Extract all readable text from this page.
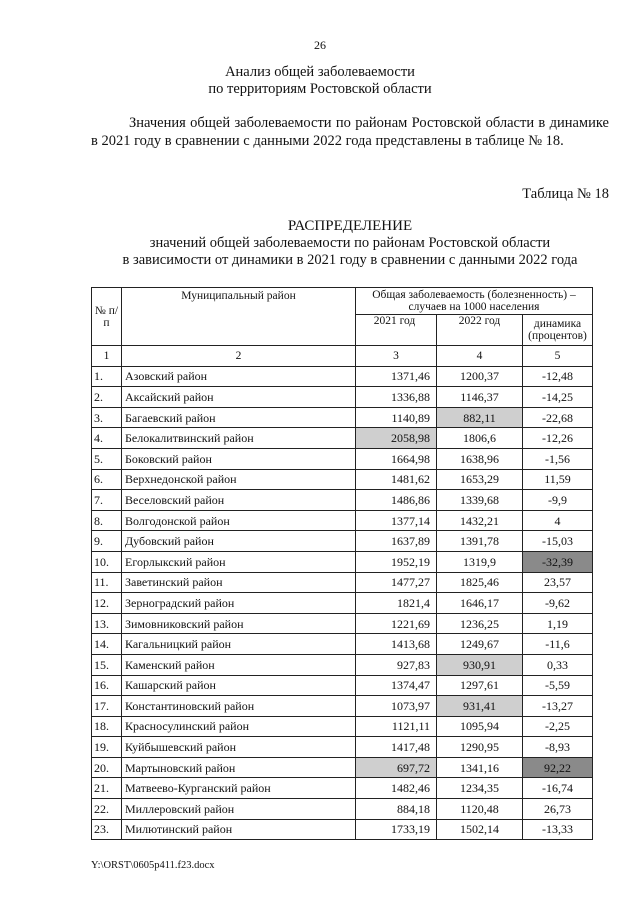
26
Анализ общей заболеваемости
по территориям Ростовской области
Значения общей заболеваемости по районам Ростовской области в динамике в 2021 году в сравнении с данными 2022 года представлены в таблице № 18.
Таблица № 18
РАСПРЕДЕЛЕНИЕ
значений общей заболеваемости по районам Ростовской области
в зависимости от динамики в 2021 году в сравнении с данными 2022 года
№ п/п	Муниципальный район	Общая заболеваемость (болезненность) – случаев на 1000 населения		
		2021 год	2022 год	динамика (процентов)
1	2	3	4	5
1.	Азовский район	1371,46	1200,37	-12,48
2.	Аксайский район	1336,88	1146,37	-14,25
3.	Багаевский район	1140,89	882,11	-22,68
4.	Белокалитвинский район	2058,98	1806,6	-12,26
5.	Боковский район	1664,98	1638,96	-1,56
6.	Верхнедонской район	1481,62	1653,29	11,59
7.	Веселовский район	1486,86	1339,68	-9,9
8.	Волгодонской район	1377,14	1432,21	4
9.	Дубовский район	1637,89	1391,78	-15,03
10.	Егорлыкский район	1952,19	1319,9	-32,39
11.	Заветинский район	1477,27	1825,46	23,57
12.	Зерноградский район	1821,4	1646,17	-9,62
13.	Зимовниковский район	1221,69	1236,25	1,19
14.	Кагальницкий район	1413,68	1249,67	-11,6
15.	Каменский район	927,83	930,91	0,33
16.	Кашарский район	1374,47	1297,61	-5,59
17.	Константиновский район	1073,97	931,41	-13,27
18.	Красносулинский район	1121,11	1095,94	-2,25
19.	Куйбышевский район	1417,48	1290,95	-8,93
20.	Мартыновский район	697,72	1341,16	92,22
21.	Матвеево-Курганский район	1482,46	1234,35	-16,74
22.	Миллеровский район	884,18	1120,48	26,73
23.	Милютинский район	1733,19	1502,14	-13,33
Y:\ORST\0605p411.f23.docx
